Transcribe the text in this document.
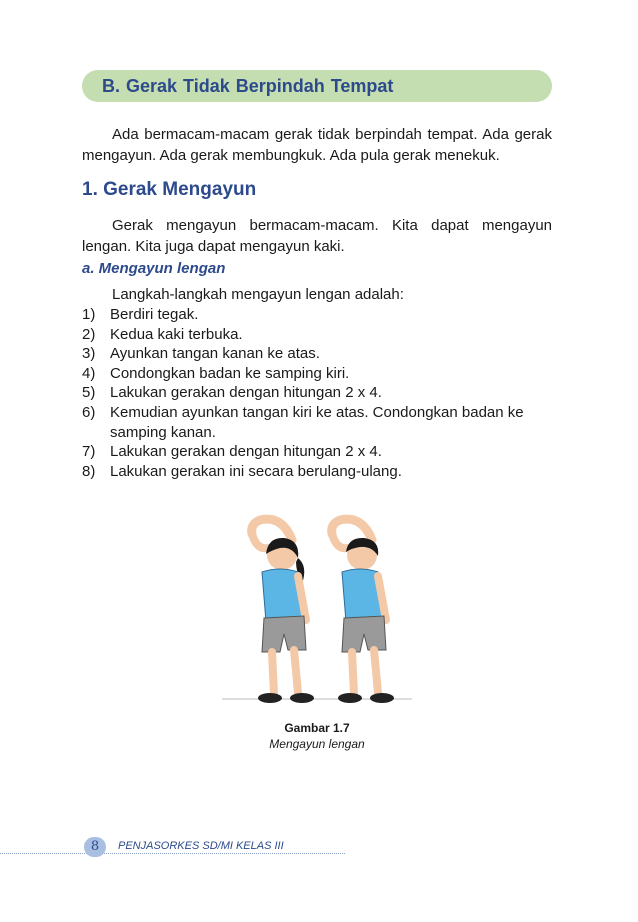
B. Gerak Tidak Berpindah Tempat
Ada bermacam-macam gerak tidak berpindah tempat. Ada gerak mengayun. Ada gerak membungkuk. Ada pula gerak menekuk.
1. Gerak Mengayun
Gerak mengayun bermacam-macam. Kita dapat mengayun lengan. Kita juga dapat mengayun kaki.
a. Mengayun lengan
Langkah-langkah mengayun lengan adalah:
1) Berdiri tegak.
2) Kedua kaki terbuka.
3) Ayunkan tangan kanan ke atas.
4) Condongkan badan ke samping kiri.
5) Lakukan gerakan dengan hitungan 2 x 4.
6) Kemudian ayunkan tangan kiri ke atas. Condongkan badan ke samping kanan.
7) Lakukan gerakan dengan hitungan 2 x 4.
8) Lakukan gerakan ini secara berulang-ulang.
Gambar 1.7
Mengayun lengan
8	PENJASORKES SD/MI KELAS III
